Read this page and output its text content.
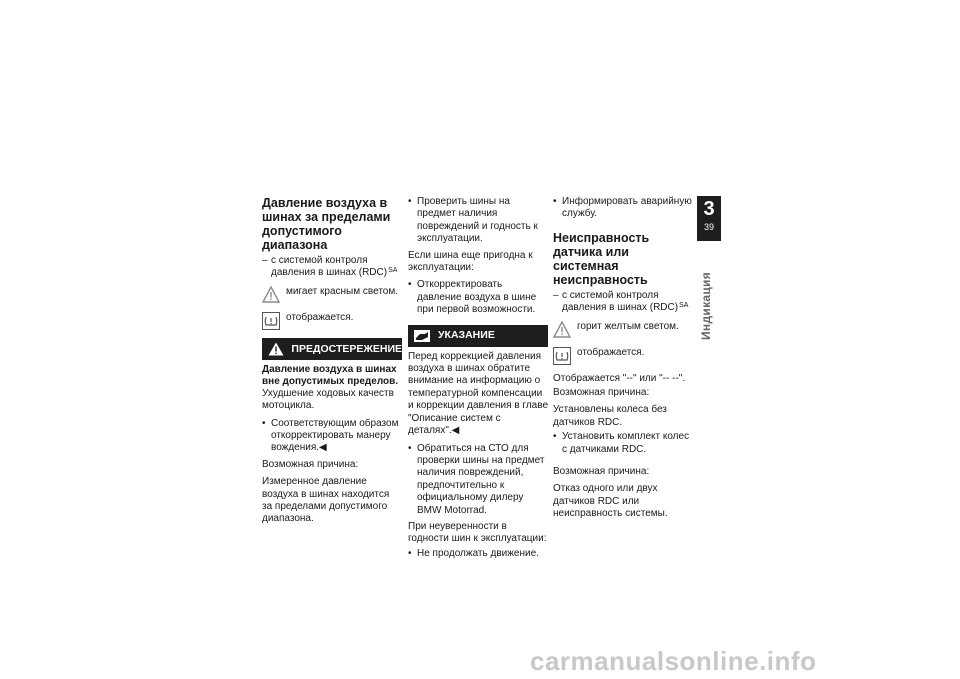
Давление воздуха в шинах за пределами допустимого диапазона
– с системой контроля давления в шинах (RDC)$^{SA}$
мигает красным светом.
отображается.
ПРЕДОСТЕРЕЖЕНИЕ
Давление воздуха в шинах вне допустимых пределов.

Ухудшение ходовых качеств мотоцикла.

• Соответствующим образом откорректировать манеру вождения.◀

Возможная причина:

Измеренное давление воздуха в шинах находится за пределами допустимого диапазона.

• Проверить шины на предмет наличия повреждений и годность к эксплуатации.

Если шина еще пригодна к эксплуатации:

• Откорректировать давление воздуха в шине при первой возможности.
УКАЗАНИЕ

Перед коррекцией давления воздуха в шинах обратите внимание на информацию о температурной компенсации и коррекции давления в главе "Описание систем с деталях".◀

• Обратиться на СТО для проверки шины на предмет наличия повреждений, предпочтительно к официальному дилеру BMW Motorrad.

При неуверенности в годности шин к эксплуатации:

• Не продолжать движение.
• Информировать аварийную службу.
Неисправность датчика или системная неисправность
– с системой контроля давления в шинах (RDC)$^{SA}$
горит желтым светом.
отображается.

Отображается "--" или "-- --".

Возможная причина:

Установлены колеса без датчиков RDC.

• Установить комплект колес с датчиками RDC.

Возможная причина:

Отказ одного или двух датчиков RDC или неисправность системы.

3
39
Индикация
carmanualsonline.info
